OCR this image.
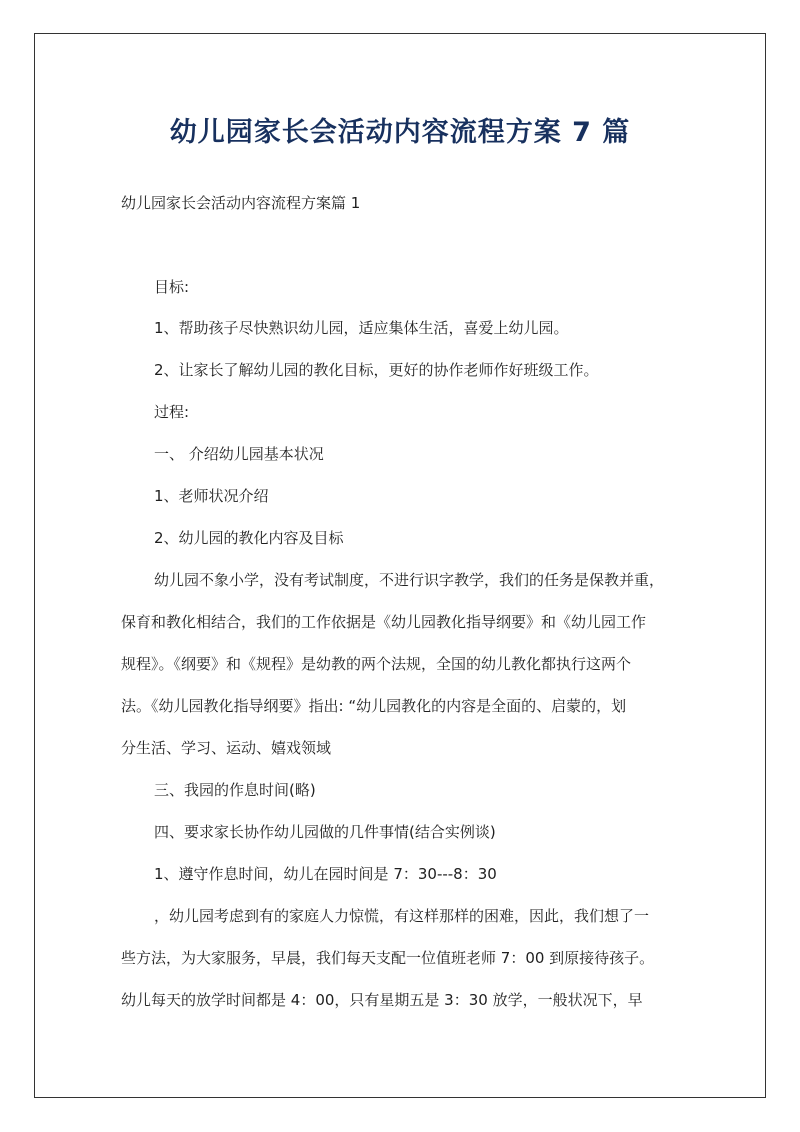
幼儿园家长会活动内容流程方案 7 篇
幼儿园家长会活动内容流程方案篇 1
目标:
1、帮助孩子尽快熟识幼儿园，适应集体生活，喜爱上幼儿园。
2、让家长了解幼儿园的教化目标，更好的协作老师作好班级工作。
过程:
一、 介绍幼儿园基本状况
1、老师状况介绍
2、幼儿园的教化内容及目标
幼儿园不象小学，没有考试制度，不进行识字教学，我们的任务是保教并重，
保育和教化相结合，我们的工作依据是《幼儿园教化指导纲要》和《幼儿园工作
规程》。《纲要》和《规程》是幼教的两个法规，全国的幼儿教化都执行这两个
法。《幼儿园教化指导纲要》指出: “幼儿园教化的内容是全面的、启蒙的，划
分生活、学习、运动、嬉戏领域
三、我园的作息时间(略)
四、要求家长协作幼儿园做的几件事情(结合实例谈)
1、遵守作息时间，幼儿在园时间是 7：30---8：30
，幼儿园考虑到有的家庭人力惊慌，有这样那样的困难，因此，我们想了一
些方法，为大家服务，早晨，我们每天支配一位值班老师 7：00 到原接待孩子。
幼儿每天的放学时间都是 4：00，只有星期五是 3：30 放学，一般状况下，早
